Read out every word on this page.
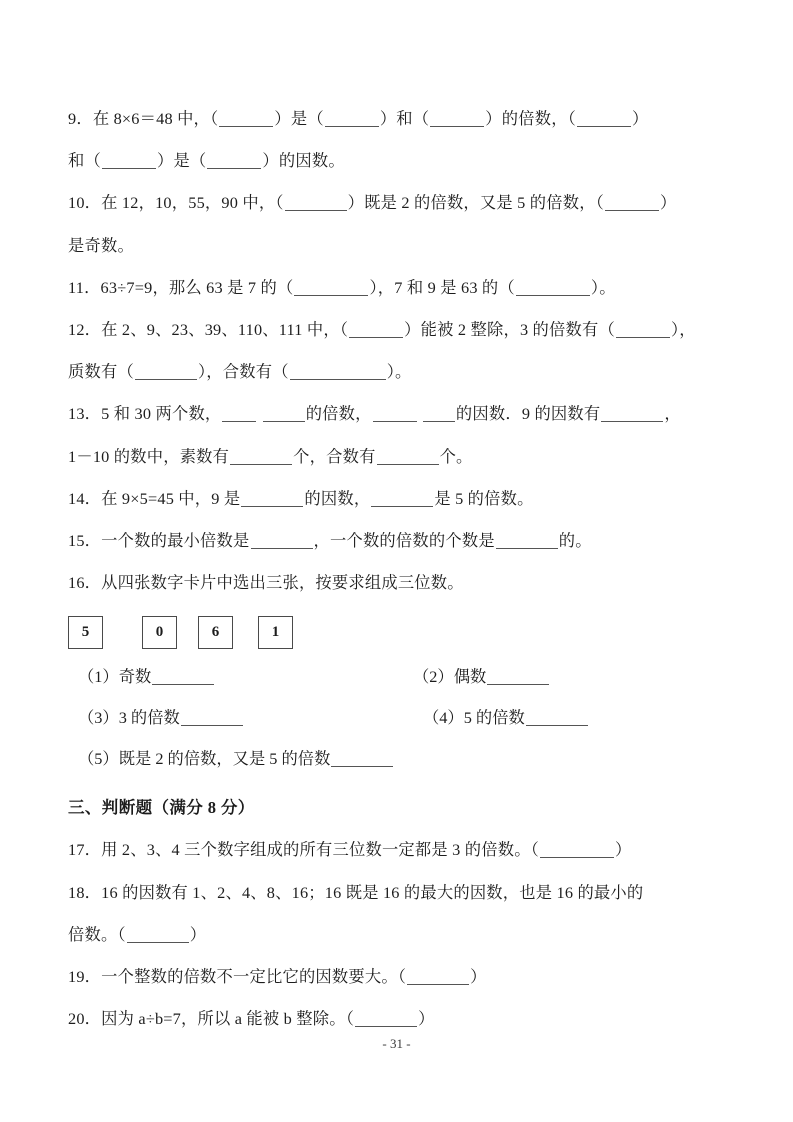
9．在 8×6＝48 中，（	）是（	）和（	）的倍数，（	）
和（	）是（	）的因数。
10．在 12，10，55，90 中，（	）既是 2 的倍数，又是 5 的倍数，（	）
是奇数。
11．63÷7=9，那么 63 是 7 的（	），7 和 9 是 63 的（	）。
12．在 2、9、23、39、110、111 中，（	）能被 2 整除，3 的倍数有（	），
质数有（	），合数有（	）。
13．5 和 30 两个数，	的倍数，	的因数．9 的因数有	，
1－10 的数中，素数有	个，合数有	个。
14．在 9×5=45 中，9 是	的因数，	是 5 的倍数。
15．一个数的最小倍数是	，一个数的倍数的个数是	的。
16．从四张数字卡片中选出三张，按要求组成三位数。
5	0	6	1
（1）奇数	（2）偶数
（3）3 的倍数	（4）5 的倍数
（5）既是 2 的倍数，又是 5 的倍数
三、判断题（满分 8 分）
17．用 2、3、4 三个数字组成的所有三位数一定都是 3 的倍数。（	）
18．16 的因数有 1、2、4、8、16；16 既是 16 的最大的因数，也是 16 的最小的
倍数。（	）
19．一个整数的倍数不一定比它的因数要大。（	）
20．因为 a÷b=7，所以 a 能被 b 整除。（	）
- 31 -
